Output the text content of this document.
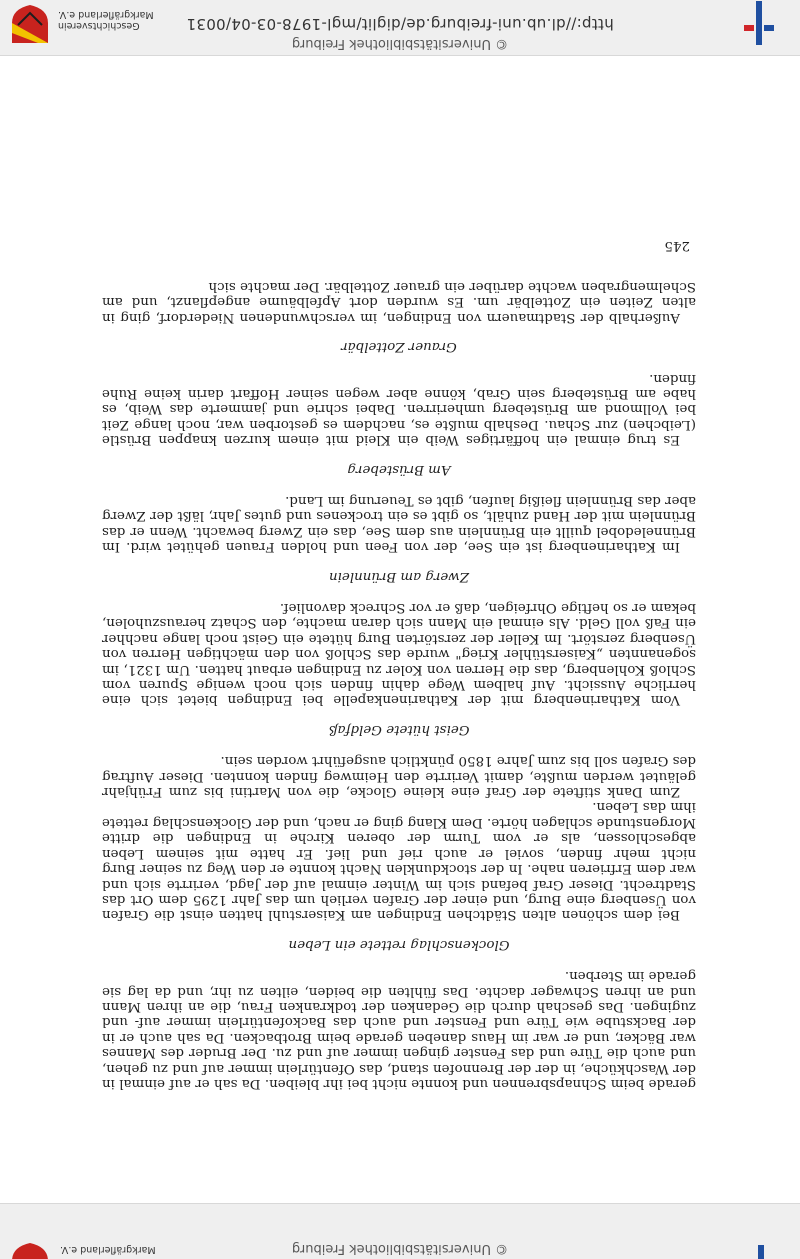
© Universitätsbibliothek Freiburg
Markgräflerland e.V.
http://dl.ub.uni-freiburg.de/diglit/mgl-1978-03-04/0031
© Universitätsbibliothek Freiburg
Geschichtsverein
Markgräflerland e.V.

gerade beim Schnapsbrennen und konnte nicht bei ihr bleiben. Da sah er auf einmal in der Waschküche, in der der Brennofen stand, das Ofentürlein immer auf und zu gehen, und auch die Türe und das Fenster gingen immer auf und zu. Der Bruder des Mannes war Bäcker, und er war im Haus daneben gerade beim Brotbacken. Da sah auch er in der Backstube wie Türe und Fenster und auch das Backofentürlein immer auf- und zugingen. Das geschah durch die Gedanken der todkranken Frau, die an ihren Mann und an ihren Schwager dachte. Das fühlten die beiden, eilten zu ihr, und da lag sie gerade im Sterben.

Glockenschlag rettete ein Leben

Bei dem schönen alten Städtchen Endingen am Kaiserstuhl hatten einst die Grafen von Üsenberg eine Burg, und einer der Grafen verlieh um das Jahr 1295 dem Ort das Stadtrecht. Dieser Graf befand sich im Winter einmal auf der Jagd, verirrte sich und war dem Erfrieren nahe. In der stockdunklen Nacht konnte er den Weg zu seiner Burg nicht mehr finden, soviel er auch rief und lief. Er hatte mit seinem Leben abgeschlossen, als er vom Turm der oberen Kirche in Endingen die dritte Morgenstunde schlagen hörte. Dem Klang ging er nach, und der Glockenschlag rettete ihm das Leben.

Zum Dank stiftete der Graf eine kleine Glocke, die von Martini bis zum Frühjahr geläutet werden mußte, damit Verirrte den Heimweg finden konnten. Dieser Auftrag des Grafen soll bis zum Jahre 1850 pünktlich ausgeführt worden sein.

Geist hütete Geldfaß

Vom Katharinenberg mit der Katharinenkapelle bei Endingen bietet sich eine herrliche Aussicht. Auf halbem Wege dahin finden sich noch wenige Spuren vom Schloß Kohlenberg, das die Herren von Koler zu Endingen erbaut hatten. Um 1321, im sogenannten „Kaiserstühler Krieg" wurde das Schloß von den mächtigen Herren von Üsenberg zerstört. Im Keller der zerstörten Burg hütete ein Geist noch lange nachher ein Faß voll Geld. Als einmal ein Mann sich daran machte, den Schatz herauszuholen, bekam er so heftige Ohrfeigen, daß er vor Schreck davonlief.

Zwerg am Brünnlein

Im Katharinenberg ist ein See, der von Feen und holden Frauen gehütet wird. Im Brünneledobel quillt ein Brünnlein aus dem See, das ein Zwerg bewacht. Wenn er das Brünnlein mit der Hand zuhält, so gibt es ein trockenes und gutes Jahr, läßt der Zwerg aber das Brünnlein fleißig laufen, gibt es Teuerung im Land.

Am Brüsteberg

Es trug einmal ein hoffärtiges Weib ein Kleid mit einem kurzen knappen Brüstle (Leibchen) zur Schau. Deshalb mußte es, nachdem es gestorben war, noch lange Zeit bei Vollmond am Brüsteberg umherirren. Dabei schrie und jammerte das Weib, es habe am Brüsteberg sein Grab, könne aber wegen seiner Hoffart darin keine Ruhe finden.

Grauer Zottelbär

Außerhalb der Stadtmauern von Endingen, im verschwundenen Niederdorf, ging in alten Zeiten ein Zottelbär um. Es wurden dort Apfelbäume angepflanzt, und am Schelmengraben wachte darüber ein grauer Zottelbär. Der machte sich

245
